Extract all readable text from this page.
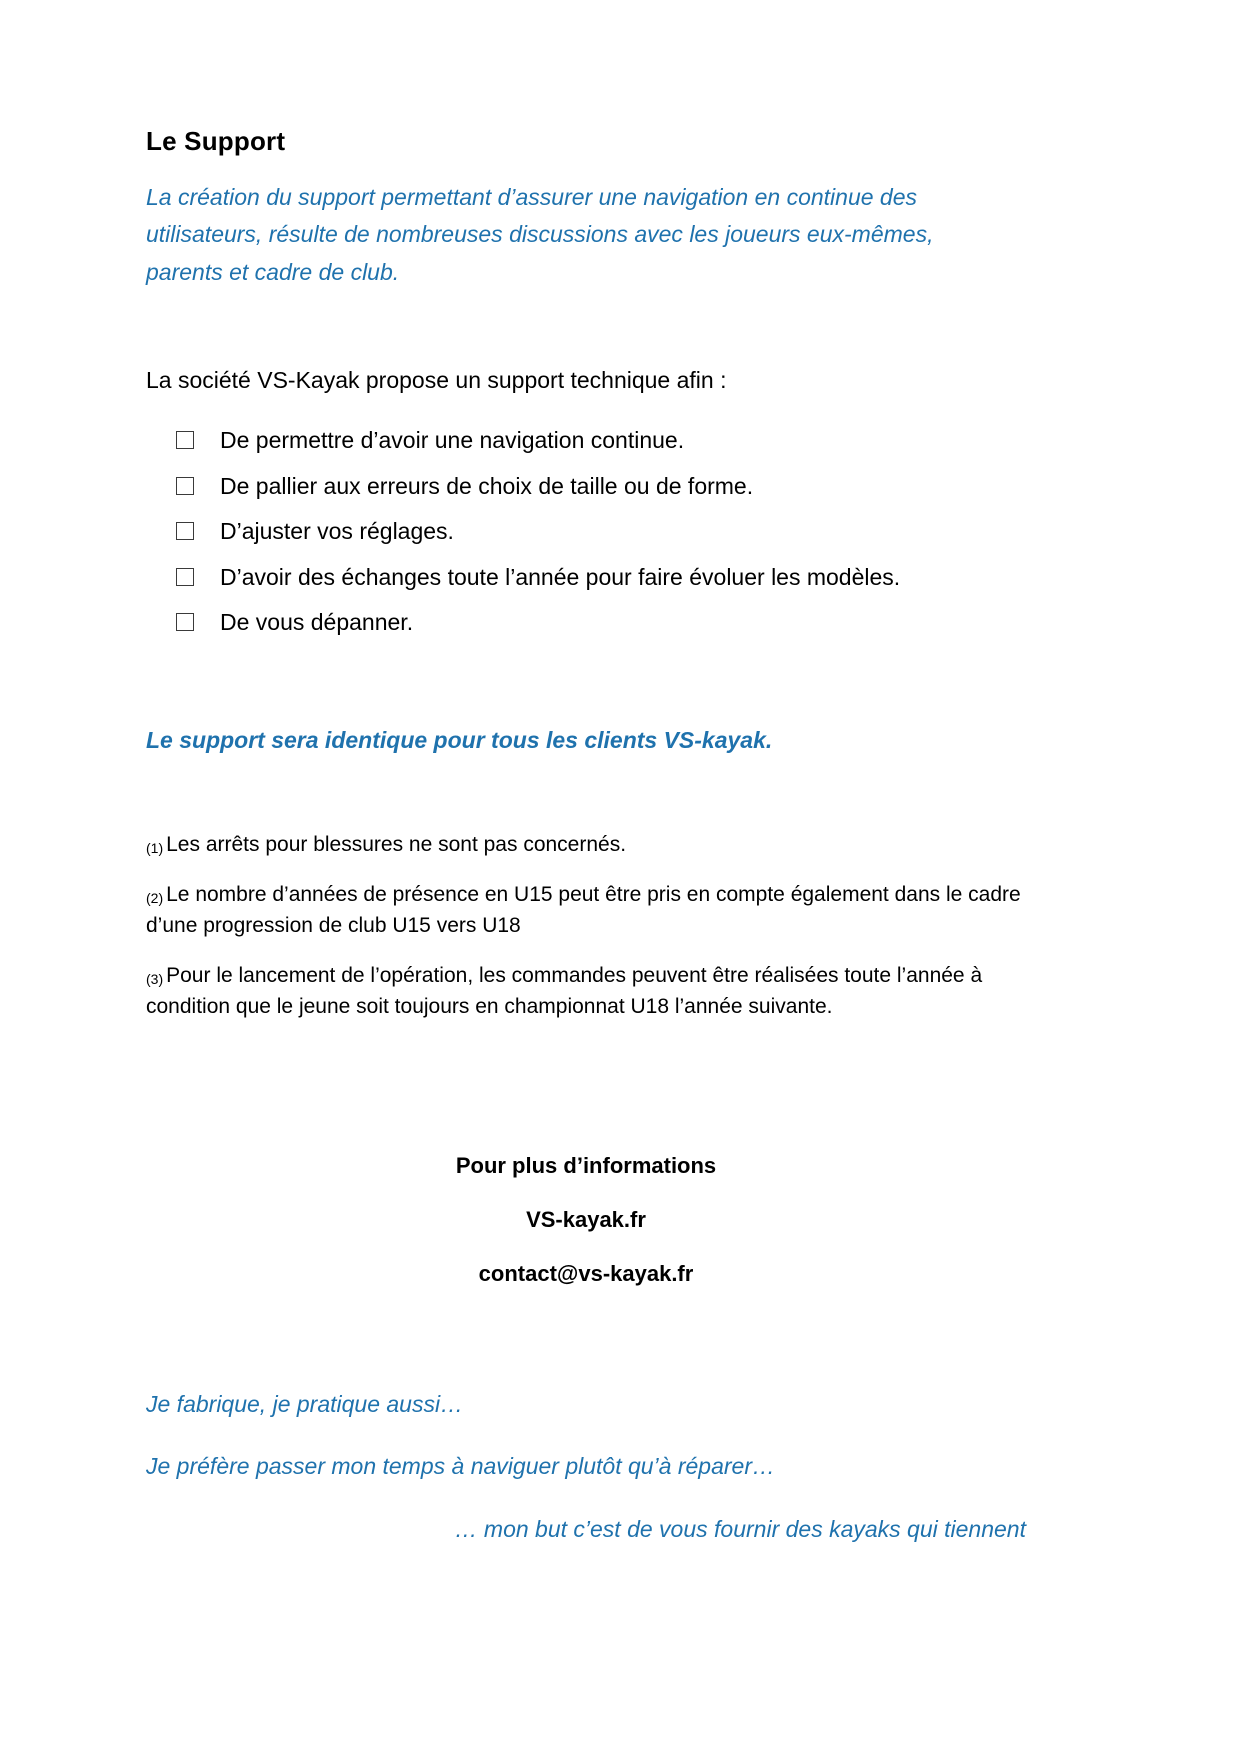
Le Support

La création du support permettant d’assurer une navigation en continue des utilisateurs, résulte de nombreuses discussions avec les joueurs eux-mêmes, parents et cadre de club.

La société VS-Kayak propose un support technique afin :

De permettre d’avoir une navigation continue.
De pallier aux erreurs de choix de taille ou de forme.
D’ajuster vos réglages.
D’avoir des échanges toute l’année pour faire évoluer les modèles.
De vous dépanner.

Le support sera identique pour tous les clients VS-kayak.

(1) Les arrêts pour blessures ne sont pas concernés.

(2) Le nombre d’années de présence en U15 peut être pris en compte également dans le cadre d’une progression de club U15 vers U18

(3) Pour le lancement de l’opération, les commandes peuvent être réalisées toute l’année à condition que le jeune soit toujours en championnat U18 l’année suivante.

Pour plus d’informations

VS-kayak.fr

contact@vs-kayak.fr

Je fabrique, je pratique aussi…

Je préfère passer mon temps à naviguer plutôt qu’à réparer…

… mon but c’est de vous fournir des kayaks qui tiennent
